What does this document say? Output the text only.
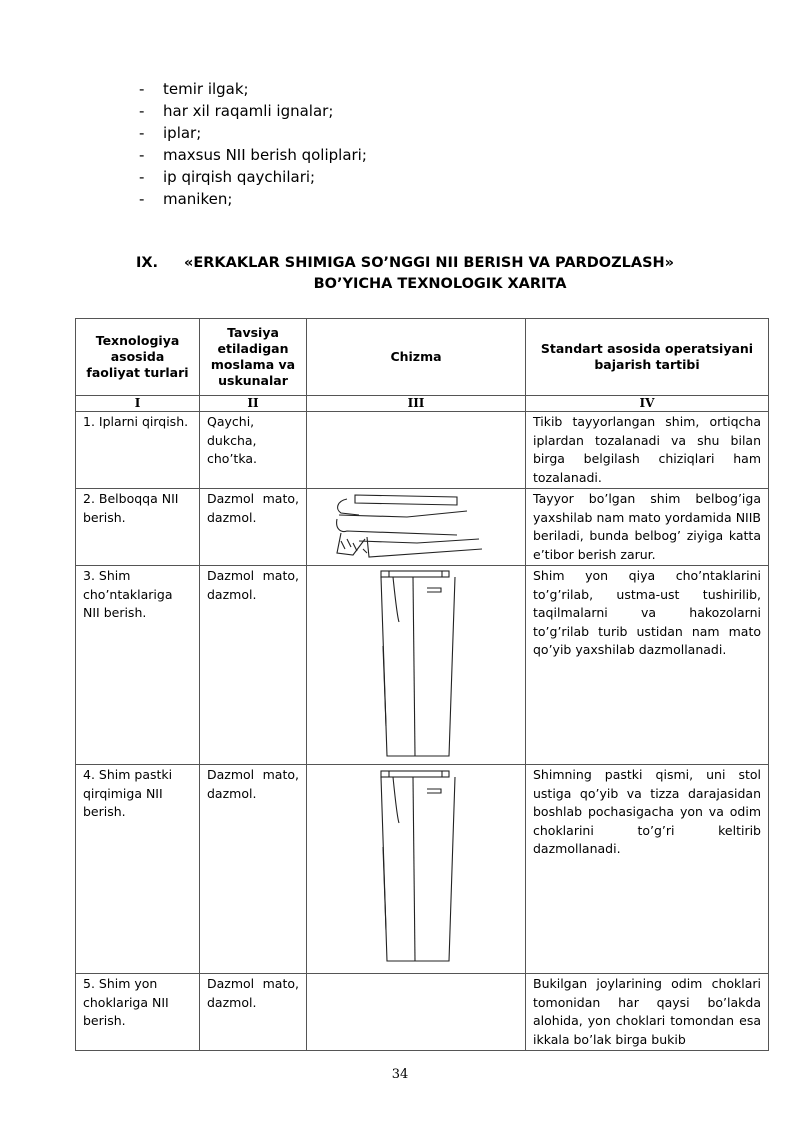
-	temir ilgak;
-	har xil raqamli ignalar;
-	iplar;
-	maxsus NII berish qoliplari;
-	ip qirqish qaychilari;
-	maniken;
IX. «ERKAKLAR SHIMIGA SO’NGGI NII BERISH VA PARDOZLASH»
BO’YICHA TEXNOLOGIK XARITA
Texnologiya asosida faoliyat turlari	Tavsiya etiladigan moslama va uskunalar	Chizma	Standart asosida operatsiyani bajarish tartibi
I	II	III	IV
1. Iplarni qirqish.	Qaychi, dukcha, cho’tka.		Tikib tayyorlangan shim, ortiqcha iplardan tozalanadi va shu bilan birga belgilash chiziqlari ham tozalanadi.
2. Belboqqa NII berish.	Dazmol mato, dazmol.		Tayyor bo’lgan shim belbog’iga yaxshilab nam mato yordamida NIIB beriladi, bunda belbog’ ziyiga katta e’tibor berish zarur.
3. Shim cho’ntaklariga NII berish.	Dazmol mato, dazmol.		Shim yon qiya cho’ntaklarini to’g’rilab, ustma-ust tushirilib, taqilmalarni va hakozolarni to’g’rilab turib ustidan nam mato qo’yib yaxshilab dazmollanadi.
4. Shim pastki qirqimiga NII berish.	Dazmol mato, dazmol.		Shimning pastki qismi, uni stol ustiga qo’yib va tizza darajasidan boshlab pochasigacha yon va odim choklarini to’g’ri keltirib dazmollanadi.
5. Shim yon choklariga NII berish.	Dazmol mato, dazmol.		Bukilgan joylarining odim choklari tomonidan har qaysi bo’lakda alohida, yon choklari tomondan esa ikkala bo’lak birga bukib
34
